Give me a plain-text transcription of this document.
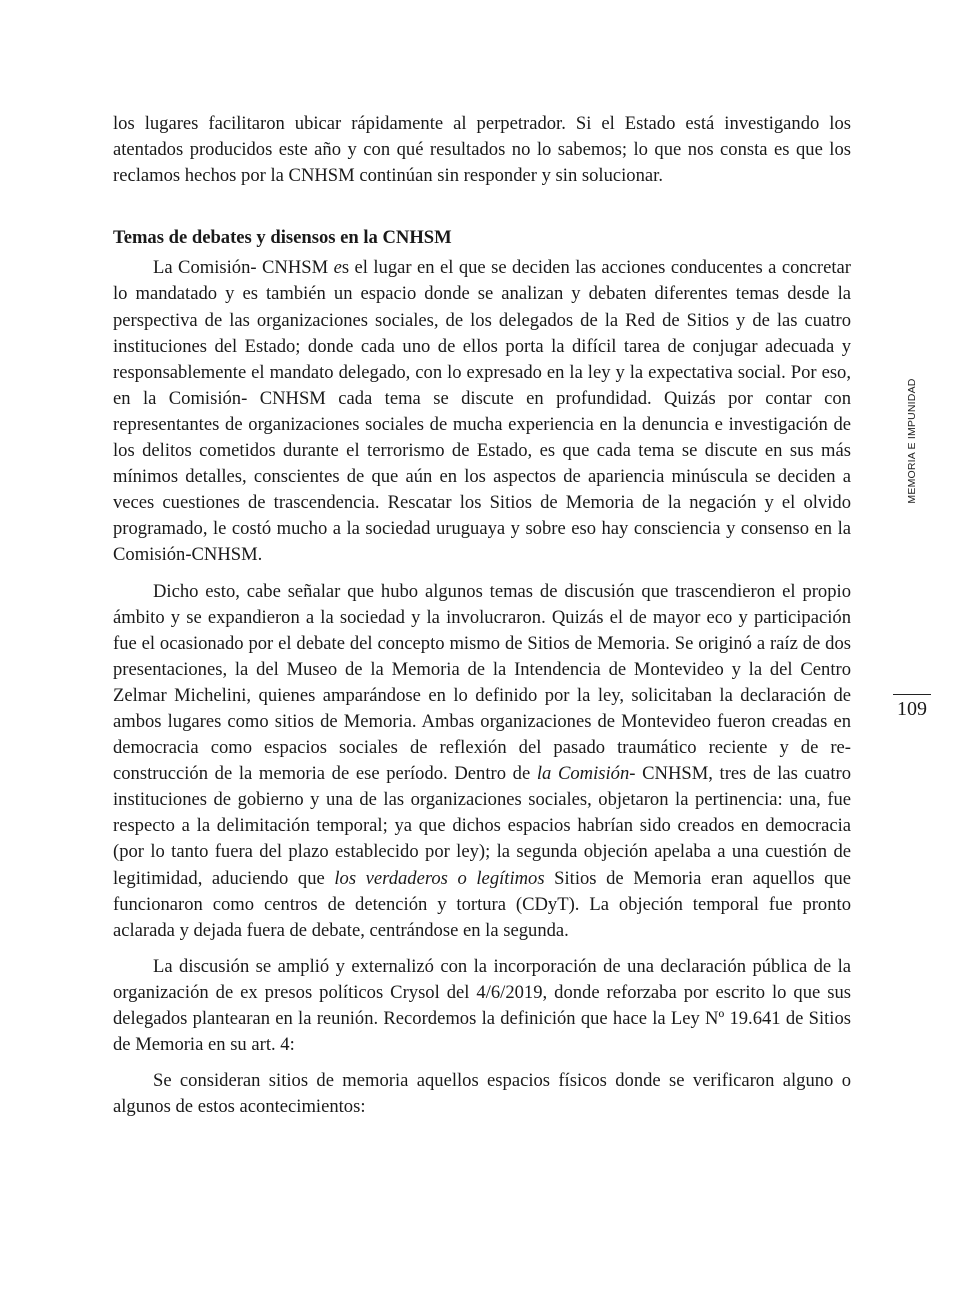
los lugares facilitaron ubicar rápidamente al perpetrador. Si el Estado está investigando los atentados producidos este año y con qué resultados no lo sabemos; lo que nos consta es que los reclamos hechos por la CNHSM continúan sin responder y sin solucionar.

Temas de debates y disensos en la CNHSM

La Comisión- CNHSM es el lugar en el que se deciden las acciones conducentes a concretar lo mandatado y es también un espacio donde se analizan y debaten diferentes temas desde la perspectiva de las organizaciones sociales, de los delegados de la Red de Sitios y de las cuatro instituciones del Estado; donde cada uno de ellos porta la difícil tarea de conjugar adecuada y responsablemente el mandato delegado, con lo expresado en la ley y la expectativa social. Por eso, en la Comisión- CNHSM cada tema se discute en profundidad. Quizás por contar con representantes de organizaciones sociales de mucha experiencia en la denuncia e investigación de los delitos cometidos durante el terrorismo de Estado, es que cada tema se discute en sus más mínimos detalles, conscientes de que aún en los aspectos de apariencia minúscula se deciden a veces cuestiones de trascendencia. Rescatar los Sitios de Memoria de la negación y el olvido programado, le costó mucho a la sociedad uruguaya y sobre eso hay consciencia y consenso en la Comisión-CNHSM.

Dicho esto, cabe señalar que hubo algunos temas de discusión que trascendieron el propio ámbito y se expandieron a la sociedad y la involucraron. Quizás el de mayor eco y participación fue el ocasionado por el debate del concepto mismo de Sitios de Memoria. Se originó a raíz de dos presentaciones, la del Museo de la Memoria de la Intendencia de Montevideo y la del Centro Zelmar Michelini, quienes amparándose en lo definido por la ley, solicitaban la declaración de ambos lugares como sitios de Memoria. Ambas organizaciones de Montevideo fueron creadas en democracia como espacios sociales de reflexión del pasado traumático reciente y de re-construcción de la memoria de ese período. Dentro de la Comisión- CNHSM, tres de las cuatro instituciones de gobierno y una de las organizaciones sociales, objetaron la pertinencia: una, fue respecto a la delimitación temporal; ya que dichos espacios habrían sido creados en democracia (por lo tanto fuera del plazo establecido por ley); la segunda objeción apelaba a una cuestión de legitimidad, aduciendo que los verdaderos o legítimos Sitios de Memoria eran aquellos que funcionaron como centros de detención y tortura (CDyT). La objeción temporal fue pronto aclarada y dejada fuera de debate, centrándose en la segunda.

La discusión se amplió y externalizó con la incorporación de una declaración pública de la organización de ex presos políticos Crysol del 4/6/2019, donde reforzaba por escrito lo que sus delegados plantearan en la reunión. Recordemos la definición que hace la Ley Nº 19.641 de Sitios de Memoria en su art. 4:

Se consideran sitios de memoria aquellos espacios físicos donde se verificaron alguno o algunos de estos acontecimientos:

MEMORIA E IMPUNIDAD
109
